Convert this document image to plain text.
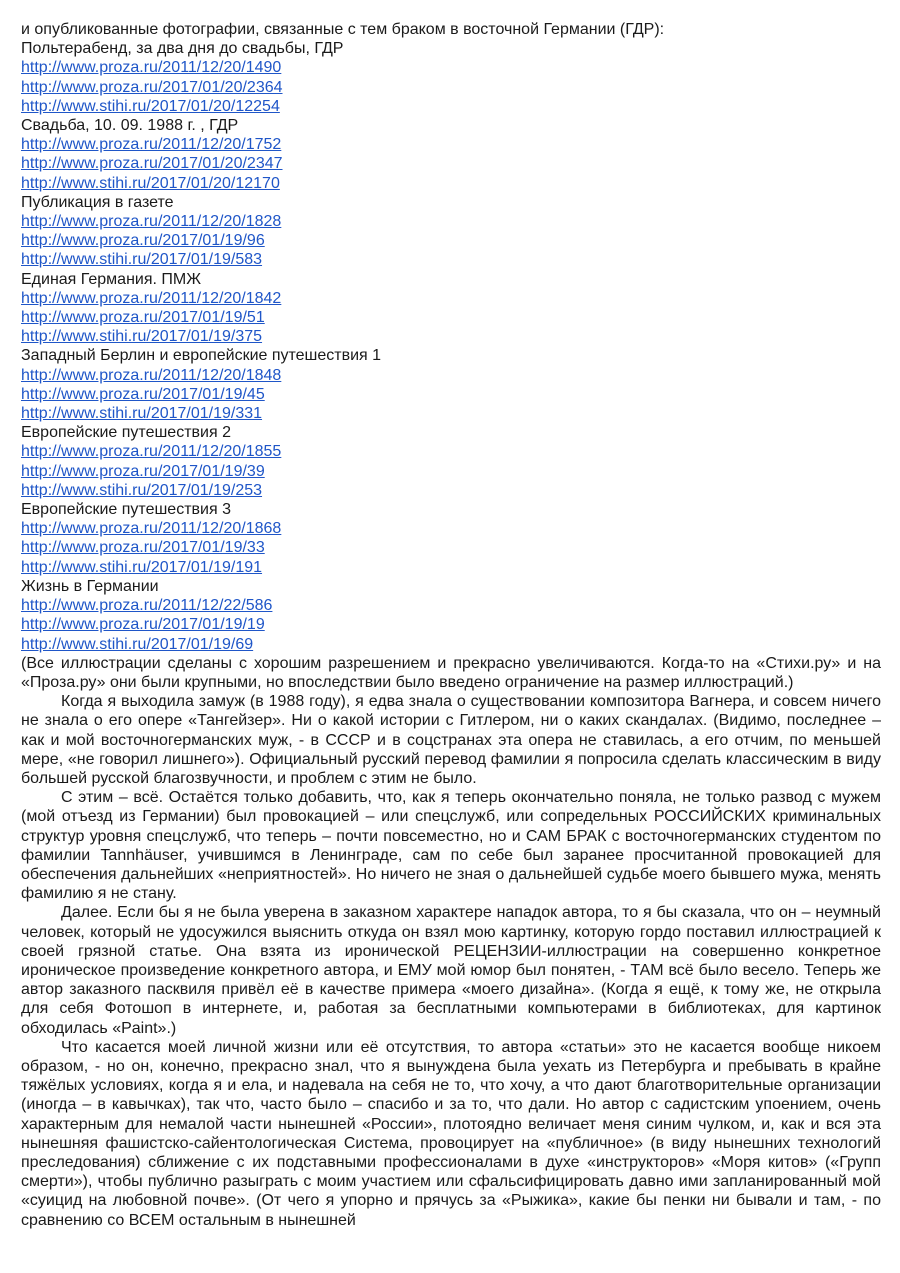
и опубликованные фотографии, связанные с тем браком в восточной Германии (ГДР):

Польтерабенд, за два дня до свадьбы, ГДР

http://www.proza.ru/2011/12/20/1490
http://www.proza.ru/2017/01/20/2364
http://www.stihi.ru/2017/01/20/12254

Свадьба, 10. 09. 1988 г. , ГДР

http://www.proza.ru/2011/12/20/1752
http://www.proza.ru/2017/01/20/2347
http://www.stihi.ru/2017/01/20/12170

Публикация в газете

http://www.proza.ru/2011/12/20/1828
http://www.proza.ru/2017/01/19/96
http://www.stihi.ru/2017/01/19/583

Единая Германия. ПМЖ

http://www.proza.ru/2011/12/20/1842
http://www.proza.ru/2017/01/19/51
http://www.stihi.ru/2017/01/19/375

Западный Берлин и европейские путешествия 1

http://www.proza.ru/2011/12/20/1848
http://www.proza.ru/2017/01/19/45
http://www.stihi.ru/2017/01/19/331

Европейские путешествия 2

http://www.proza.ru/2011/12/20/1855
http://www.proza.ru/2017/01/19/39
http://www.stihi.ru/2017/01/19/253

Европейские путешествия 3

http://www.proza.ru/2011/12/20/1868
http://www.proza.ru/2017/01/19/33
http://www.stihi.ru/2017/01/19/191

Жизнь в Германии

http://www.proza.ru/2011/12/22/586
http://www.proza.ru/2017/01/19/19
http://www.stihi.ru/2017/01/19/69

(Все иллюстрации сделаны с хорошим разрешением и прекрасно увеличиваются. Когда-то на «Стихи.ру» и на «Проза.ру» они были крупными, но впоследствии было введено ограничение на размер иллюстраций.)

Когда я выходила замуж (в 1988 году), я едва знала о существовании композитора Вагнера, и совсем ничего не знала о его опере «Тангейзер». Ни о какой истории с Гитлером, ни о каких скандалах. (Видимо, последнее – как и мой восточногерманских муж, - в СССР и в соцстранах эта опера не ставилась, а его отчим, по меньшей мере, «не говорил лишнего»). Официальный русский перевод фамилии я попросила сделать классическим в виду большей русской благозвучности, и проблем с этим не было.

С этим – всё. Остаётся только добавить, что, как я теперь окончательно поняла, не только развод с мужем (мой отъезд из Германии) был провокацией – или спецслужб, или сопредельных РОССИЙСКИХ криминальных структур уровня спецслужб, что теперь – почти повсеместно, но и САМ БРАК с восточногерманских студентом по фамилии Tannhäuser, учившимся в Ленинграде, сам по себе был заранее просчитанной провокацией для обеспечения дальнейших «неприятностей». Но ничего не зная о дальнейшей судьбе моего бывшего мужа, менять фамилию я не стану.

Далее. Если бы я не была уверена в заказном характере нападок автора, то я бы сказала, что он – неумный человек, который не удосужился выяснить откуда он взял мою картинку, которую гордо поставил иллюстрацией к своей грязной статье. Она взята из иронической РЕЦЕНЗИИ-иллюстрации на совершенно конкретное ироническое произведение конкретного автора, и ЕМУ мой юмор был понятен, - ТАМ всё было весело. Теперь же автор заказного пасквиля привёл её в качестве примера «моего дизайна». (Когда я ещё, к тому же, не открыла для себя Фотошоп в интернете, и, работая за бесплатными компьютерами в библиотеках, для картинок обходилась «Paint».)

Что касается моей личной жизни или её отсутствия, то автора «статьи» это не касается вообще никоем образом, - но он, конечно, прекрасно знал, что я вынуждена была уехать из Петербурга и пребывать в крайне тяжёлых условиях, когда я и ела, и надевала на себя не то, что хочу, а что дают благотворительные организации (иногда – в кавычках), так что, часто было – спасибо и за то, что дали. Но автор с садистским упоением, очень характерным для немалой части нынешней «России», плотоядно величает меня синим чулком, и, как и вся эта нынешняя фашистско-сайентологическая Система, провоцирует на «публичное» (в виду нынешних технологий преследования) сближение с их подставными профессионалами в духе «инструкторов» «Моря китов» («Групп смерти»), чтобы публично разыграть с моим участием или сфальсифицировать давно ими запланированный мой «суицид на любовной почве». (От чего я упорно и прячусь за «Рыжика», какие бы пенки ни бывали и там, - по сравнению со ВСЕМ остальным в нынешней
